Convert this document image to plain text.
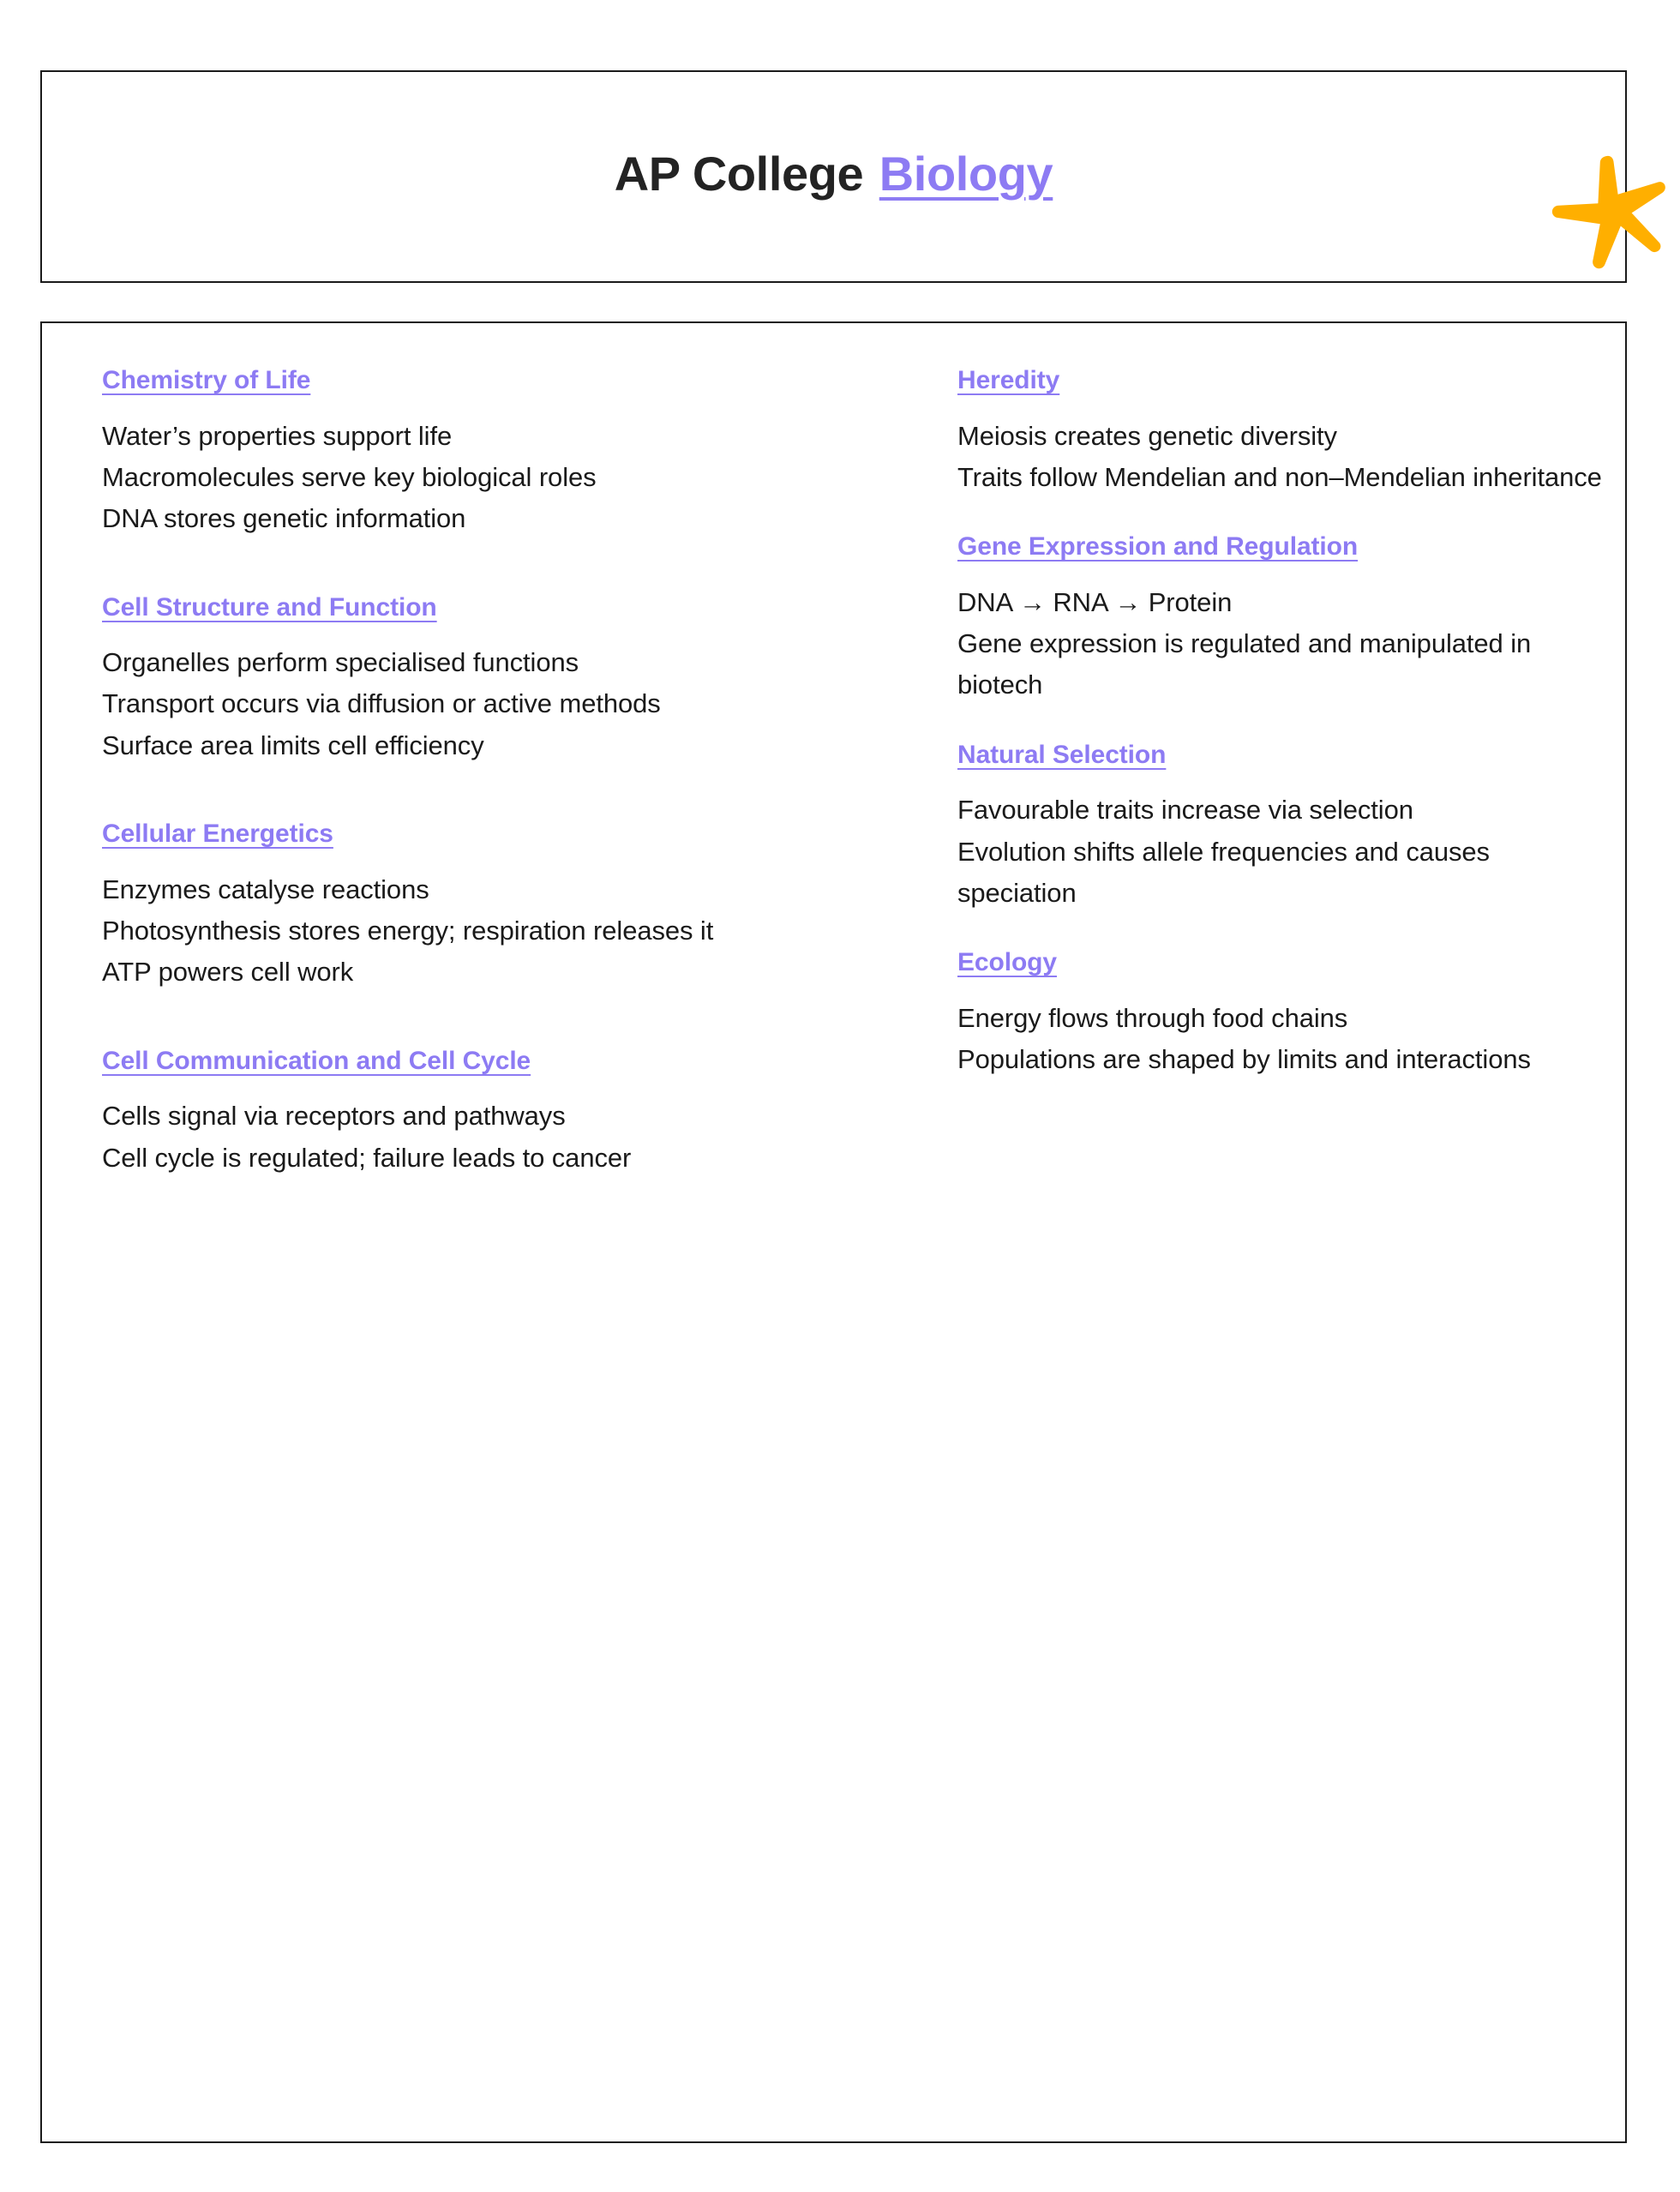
AP College Biology
Chemistry of Life
Water’s properties support life
Macromolecules serve key biological roles
DNA stores genetic information
Cell Structure and Function
Organelles perform specialised functions
Transport occurs via diffusion or active methods
Surface area limits cell efficiency
Cellular Energetics
Enzymes catalyse reactions
Photosynthesis stores energy; respiration releases it
ATP powers cell work
Cell Communication and Cell Cycle
Cells signal via receptors and pathways
Cell cycle is regulated; failure leads to cancer
Heredity
Meiosis creates genetic diversity
Traits follow Mendelian and non–Mendelian inheritance
Gene Expression and Regulation
DNA → RNA → Protein
Gene expression is regulated and manipulated in biotech
Natural Selection
Favourable traits increase via selection
Evolution shifts allele frequencies and causes speciation
Ecology
Energy flows through food chains
Populations are shaped by limits and interactions
